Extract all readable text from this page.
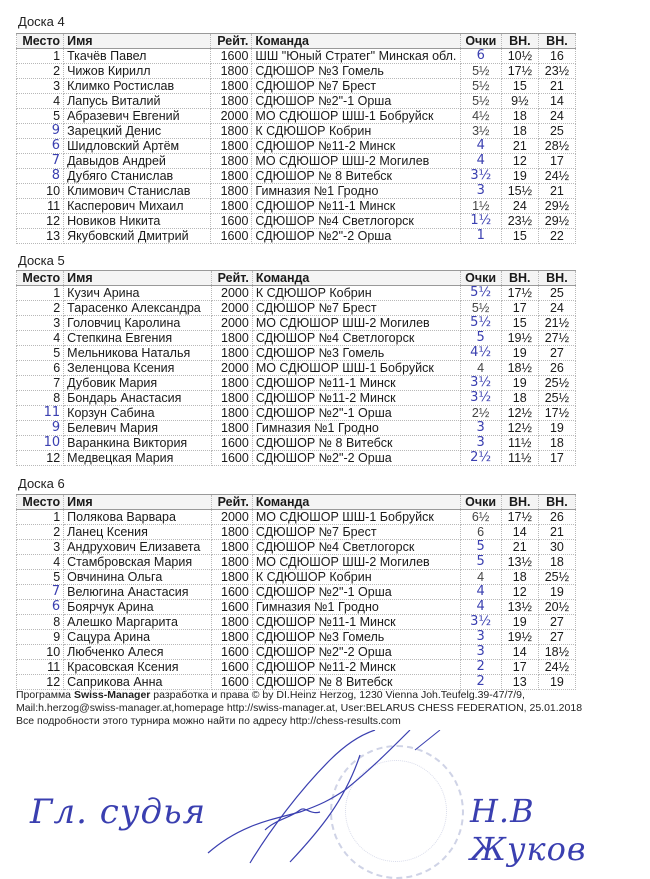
Доска 4
Место	Имя	Рейт.	Команда	Очки	ВН.	ВН.
1	Ткачёв Павел	1600	ШШ "Юный Стратег" Минская обл.	6	10½	16
2	Чижов Кирилл	1800	СДЮШОР №3 Гомель	5½	17½	23½
3	Климко Ростислав	1800	СДЮШОР №7 Брест	5½	15	21
4	Лапусь Виталий	1800	СДЮШОР №2"-1 Орша	5½	9½	14
5	Абразевич Евгений	2000	МО СДЮШОР ШШ-1 Бобруйск	4½	18	24
9	Зарецкий Денис	1800	К СДЮШОР Кобрин	3½	18	25
6	Шидловский Артём	1800	СДЮШОР №11-2 Минск	4	21	28½
7	Давыдов Андрей	1800	МО СДЮШОР ШШ-2 Могилев	4	12	17
8	Дубяго Станислав	1800	СДЮШОР № 8 Витебск	3½	19	24½
10	Климович Станислав	1800	Гимназия №1 Гродно	3	15½	21
11	Касперович Михаил	1800	СДЮШОР №11-1 Минск	1½	24	29½
12	Новиков Никита	1600	СДЮШОР №4 Светлогорск	1½	23½	29½
13	Якубовский Дмитрий	1600	СДЮШОР №2"-2 Орша	1	15	22
Доска 5
Место	Имя	Рейт.	Команда	Очки	ВН.	ВН.
1	Кузич Арина	2000	К СДЮШОР Кобрин	5½	17½	25
2	Тарасенко Александра	2000	СДЮШОР №7 Брест	5½	17	24
3	Головчиц Каролина	2000	МО СДЮШОР ШШ-2 Могилев	5½	15	21½
4	Степкина Евгения	1800	СДЮШОР №4 Светлогорск	5	19½	27½
5	Мельникова Наталья	1800	СДЮШОР №3 Гомель	4½	19	27
6	Зеленцова Ксения	2000	МО СДЮШОР ШШ-1 Бобруйск	4	18½	26
7	Дубовик Мария	1800	СДЮШОР №11-1 Минск	3½	19	25½
8	Бондарь Анастасия	1800	СДЮШОР №11-2 Минск	3½	18	25½
11	Корзун Сабина	1800	СДЮШОР №2"-1 Орша	2½	12½	17½
9	Белевич Мария	1800	Гимназия №1 Гродно	3	12½	19
10	Варанкина Виктория	1600	СДЮШОР № 8 Витебск	3	11½	18
12	Медвецкая Мария	1600	СДЮШОР №2"-2 Орша	2½	11½	17
Доска 6
Место	Имя	Рейт.	Команда	Очки	ВН.	ВН.
1	Полякова Варвара	2000	МО СДЮШОР ШШ-1 Бобруйск	6½	17½	26
2	Ланец Ксения	1800	СДЮШОР №7 Брест	6	14	21
3	Андрухович Елизавета	1800	СДЮШОР №4 Светлогорск	5	21	30
4	Стамбровская Мария	1800	МО СДЮШОР ШШ-2 Могилев	5	13½	18
5	Овчинина Ольга	1800	К СДЮШОР Кобрин	4	18	25½
7	Велюгина Анастасия	1600	СДЮШОР №2"-1 Орша	4	12	19
6	Боярчук Арина	1600	Гимназия №1 Гродно	4	13½	20½
8	Алешко Маргарита	1800	СДЮШОР №11-1 Минск	3½	19	27
9	Сацура Арина	1800	СДЮШОР №3 Гомель	3	19½	27
10	Любченко Алеся	1600	СДЮШОР №2"-2 Орша	3	14	18½
11	Красовская Ксения	1600	СДЮШОР №11-2 Минск	2	17	24½
12	Сaприкова Анна	1600	СДЮШОР № 8 Витебск	2	13	19
Программа Swiss-Manager разработка и права © by DI.Heinz Herzog, 1230 Vienna Joh.Teufelg.39-47/7/9,
Mail:h.herzog@swiss-manager.at,homepage http://swiss-manager.at, User:BELARUS CHESS FEDERATION, 25.01.2018
Все подробности этого турнира можно найти по адресу http://chess-results.com
Гл. судья	Н.В Жуков
